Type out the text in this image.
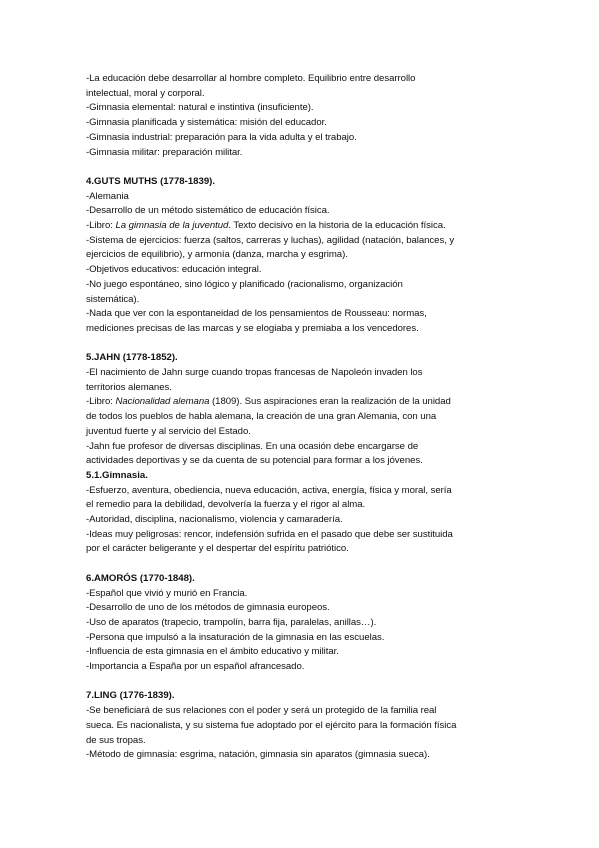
-La educación debe desarrollar al hombre completo. Equilibrio entre desarrollo
intelectual, moral y corporal.
-Gimnasia elemental: natural e instintiva (insuficiente).
-Gimnasia planificada y sistemática: misión del educador.
-Gimnasia industrial: preparación para la vida adulta y el trabajo.
-Gimnasia militar: preparación militar.
4.GUTS MUTHS (1778-1839).
-Alemania
-Desarrollo de un método sistemático de educación física.
-Libro: La gimnasia de la juventud. Texto decisivo en la historia de la educación física.
-Sistema de ejercicios: fuerza (saltos, carreras y luchas), agilidad (natación, balances, y
ejercicios de equilibrio), y armonía (danza, marcha y esgrima).
-Objetivos educativos: educación integral.
-No juego espontáneo, sino lógico y planificado (racionalismo, organización
sistemática).
-Nada que ver con la espontaneidad de los pensamientos de Rousseau: normas,
mediciones precisas de las marcas y se elogiaba y premiaba a los vencedores.
5.JAHN (1778-1852).
-El nacimiento de Jahn surge cuando tropas francesas de Napoleón invaden los
territorios alemanes.
-Libro: Nacionalidad alemana (1809). Sus aspiraciones eran la realización de la unidad
de todos los pueblos de habla alemana, la creación de una gran Alemania, con una
juventud fuerte y al servicio del Estado.
-Jahn fue profesor de diversas disciplinas. En una ocasión debe encargarse de
actividades deportivas y se da cuenta de su potencial para formar a los jóvenes.
5.1.Gimnasia.
-Esfuerzo, aventura, obediencia, nueva educación, activa, energía, física y moral, sería
el remedio para la debilidad, devolvería la fuerza y el rigor al alma.
-Autoridad, disciplina, nacionalismo, violencia y camaradería.
-Ideas muy peligrosas: rencor, indefensión sufrida en el pasado que debe ser sustituida
por el carácter beligerante y el despertar del espíritu patriótico.
6.AMORÓS (1770-1848).
-Español que vivió y murió en Francia.
-Desarrollo de uno de los métodos de gimnasia europeos.
-Uso de aparatos (trapecio, trampolín, barra fija, paralelas, anillas…).
-Persona que impulsó a la insaturación de la gimnasia en las escuelas.
-Influencia de esta gimnasia en el ámbito educativo y militar.
-Importancia a España por un español afrancesado.
7.LING (1776-1839).
-Se beneficiará de sus relaciones con el poder y será un protegido de la familia real
sueca. Es nacionalista, y su sistema fue adoptado por el ejército para la formación física
de sus tropas.
-Método de gimnasia: esgrima, natación, gimnasia sin aparatos (gimnasia sueca).
